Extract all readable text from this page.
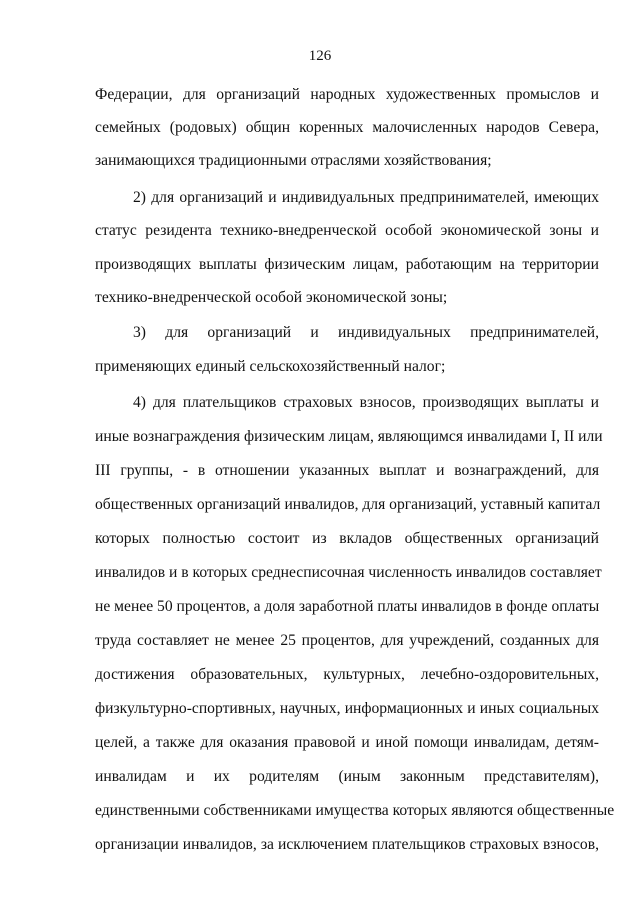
126
Федерации, для организаций народных художественных промыслов и
семейных (родовых) общин коренных малочисленных народов Севера,
занимающихся традиционными отраслями хозяйствования;
2) для организаций и индивидуальных предпринимателей, имеющих
статус резидента технико-внедренческой особой экономической зоны и
производящих выплаты физическим лицам, работающим на территории
технико-внедренческой особой экономической зоны;
3) для организаций и индивидуальных предпринимателей,
применяющих единый сельскохозяйственный налог;
4) для плательщиков страховых взносов, производящих выплаты и
иные вознаграждения физическим лицам, являющимся инвалидами I, II или
III группы, - в отношении указанных выплат и вознаграждений, для
общественных организаций инвалидов, для организаций, уставный капитал
которых полностью состоит из вкладов общественных организаций
инвалидов и в которых среднесписочная численность инвалидов составляет
не менее 50 процентов, а доля заработной платы инвалидов в фонде оплаты
труда составляет не менее 25 процентов, для учреждений, созданных для
достижения образовательных, культурных, лечебно-оздоровительных,
физкультурно-спортивных, научных, информационных и иных социальных
целей, а также для оказания правовой и иной помощи инвалидам, детям-
инвалидам и их родителям (иным законным представителям),
единственными собственниками имущества которых являются общественные
организации инвалидов, за исключением плательщиков страховых взносов,
